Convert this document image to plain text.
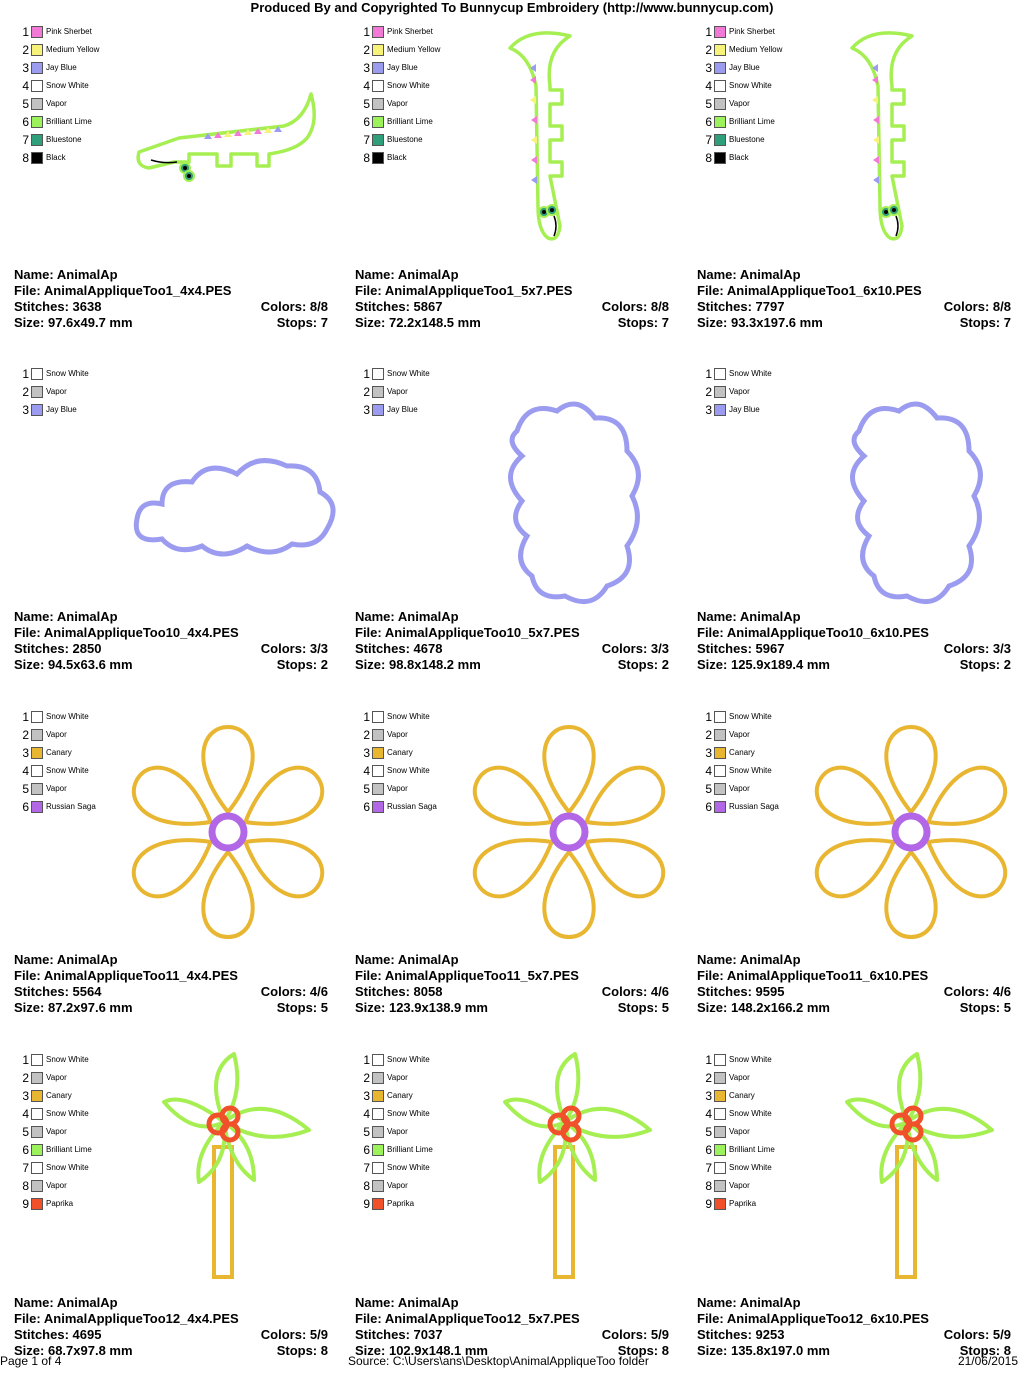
Produced By and Copyrighted To Bunnycup Embroidery (http://www.bunnycup.com)
1 Pink Sherbet
2 Medium Yellow
3 Jay Blue
4 Snow White
5 Vapor
6 Brilliant Lime
7 Bluestone
8 Black
Name: AnimalAp
File: AnimalAppliqueToo1_4x4.PES
Stitches: 3638	Colors: 8/8
Size: 97.6x49.7 mm	Stops: 7
1 Pink Sherbet
2 Medium Yellow
3 Jay Blue
4 Snow White
5 Vapor
6 Brilliant Lime
7 Bluestone
8 Black
Name: AnimalAp
File: AnimalAppliqueToo1_5x7.PES
Stitches: 5867	Colors: 8/8
Size: 72.2x148.5 mm	Stops: 7
1 Pink Sherbet
2 Medium Yellow
3 Jay Blue
4 Snow White
5 Vapor
6 Brilliant Lime
7 Bluestone
8 Black
Name: AnimalAp
File: AnimalAppliqueToo1_6x10.PES
Stitches: 7797	Colors: 8/8
Size: 93.3x197.6 mm	Stops: 7
1 Snow White
2 Vapor
3 Jay Blue
Name: AnimalAp
File: AnimalAppliqueToo10_4x4.PES
Stitches: 2850	Colors: 3/3
Size: 94.5x63.6 mm	Stops: 2
1 Snow White
2 Vapor
3 Jay Blue
Name: AnimalAp
File: AnimalAppliqueToo10_5x7.PES
Stitches: 4678	Colors: 3/3
Size: 98.8x148.2 mm	Stops: 2
1 Snow White
2 Vapor
3 Jay Blue
Name: AnimalAp
File: AnimalAppliqueToo10_6x10.PES
Stitches: 5967	Colors: 3/3
Size: 125.9x189.4 mm	Stops: 2
1 Snow White
2 Vapor
3 Canary
4 Snow White
5 Vapor
6 Russian Saga
Name: AnimalAp
File: AnimalAppliqueToo11_4x4.PES
Stitches: 5564	Colors: 4/6
Size: 87.2x97.6 mm	Stops: 5
1 Snow White
2 Vapor
3 Canary
4 Snow White
5 Vapor
6 Russian Saga
Name: AnimalAp
File: AnimalAppliqueToo11_5x7.PES
Stitches: 8058	Colors: 4/6
Size: 123.9x138.9 mm	Stops: 5
1 Snow White
2 Vapor
3 Canary
4 Snow White
5 Vapor
6 Russian Saga
Name: AnimalAp
File: AnimalAppliqueToo11_6x10.PES
Stitches: 9595	Colors: 4/6
Size: 148.2x166.2 mm	Stops: 5
1 Snow White
2 Vapor
3 Canary
4 Snow White
5 Vapor
6 Brilliant Lime
7 Snow White
8 Vapor
9 Paprika
Name: AnimalAp
File: AnimalAppliqueToo12_4x4.PES
Stitches: 4695	Colors: 5/9
Size: 68.7x97.8 mm	Stops: 8
1 Snow White
2 Vapor
3 Canary
4 Snow White
5 Vapor
6 Brilliant Lime
7 Snow White
8 Vapor
9 Paprika
Name: AnimalAp
File: AnimalAppliqueToo12_5x7.PES
Stitches: 7037	Colors: 5/9
Size: 102.9x148.1 mm	Stops: 8
1 Snow White
2 Vapor
3 Canary
4 Snow White
5 Vapor
6 Brilliant Lime
7 Snow White
8 Vapor
9 Paprika
Name: AnimalAp
File: AnimalAppliqueToo12_6x10.PES
Stitches: 9253	Colors: 5/9
Size: 135.8x197.0 mm	Stops: 8
Page 1 of 4	Source: C:\Users\ans\Desktop\AnimalAppliqueToo folder	21/06/2015
